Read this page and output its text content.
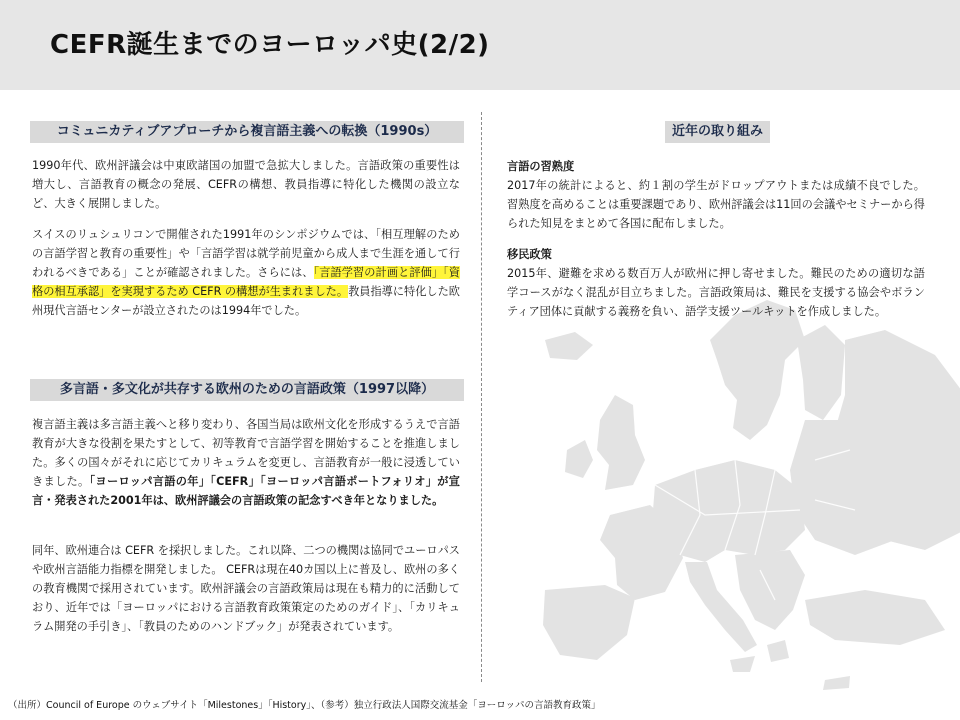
CEFR誕生までのヨーロッパ史(2/2)
コミュニカティブアプローチから複言語主義への転換（1990s）

1990年代、欧州評議会は中東欧諸国の加盟で急拡大しました。言語政策の重要性は増大し、言語教育の概念の発展、CEFRの構想、教員指導に特化した機関の設立など、大きく展開しました。

スイスのリュシュリコンで開催された1991年のシンポジウムでは、「相互理解のための言語学習と教育の重要性」や「言語学習は就学前児童から成人まで生涯を通して行われるべきである」ことが確認されました。さらには、「言語学習の計画と評価」「資格の相互承認」を実現するため CEFR の構想が生まれました。教員指導に特化した欧州現代言語センターが設立されたのは1994年でした。

多言語・多文化が共存する欧州のための言語政策（1997以降）

複言語主義は多言語主義へと移り変わり、各国当局は欧州文化を形成するうえで言語教育が大きな役割を果たすとして、初等教育で言語学習を開始することを推進しました。多くの国々がそれに応じてカリキュラムを変更し、言語教育が一般に浸透していきました。「ヨーロッパ言語の年」「CEFR」「ヨーロッパ言語ポートフォリオ」が宣言・発表された2001年は、欧州評議会の言語政策の記念すべき年となりました。

同年、欧州連合は CEFR を採択しました。これ以降、二つの機関は協同でユーロパスや欧州言語能力指標を開発しました。 CEFRは現在40カ国以上に普及し、欧州の多くの教育機関で採用されています。欧州評議会の言語政策局は現在も精力的に活動しており、近年では「ヨーロッパにおける言語教育政策策定のためのガイド」、「カリキュラム開発の手引き」、「教員のためのハンドブック」が発表されています。

近年の取り組み
言語の習熟度

2017年の統計によると、約１割の学生がドロップアウトまたは成績不良でした。習熟度を高めることは重要課題であり、欧州評議会は11回の会議やセミナーから得られた知見をまとめて各国に配布しました。

移民政策

2015年、避難を求める数百万人が欧州に押し寄せました。難民のための適切な語学コースがなく混乱が目立ちました。言語政策局は、難民を支援する協会やボランティア団体に貢献する義務を負い、語学支援ツールキットを作成しました。

（出所）Council of Europe のウェブサイト「Milestones」「History」、（参考）独立行政法人国際交流基金「ヨーロッパの言語教育政策」
